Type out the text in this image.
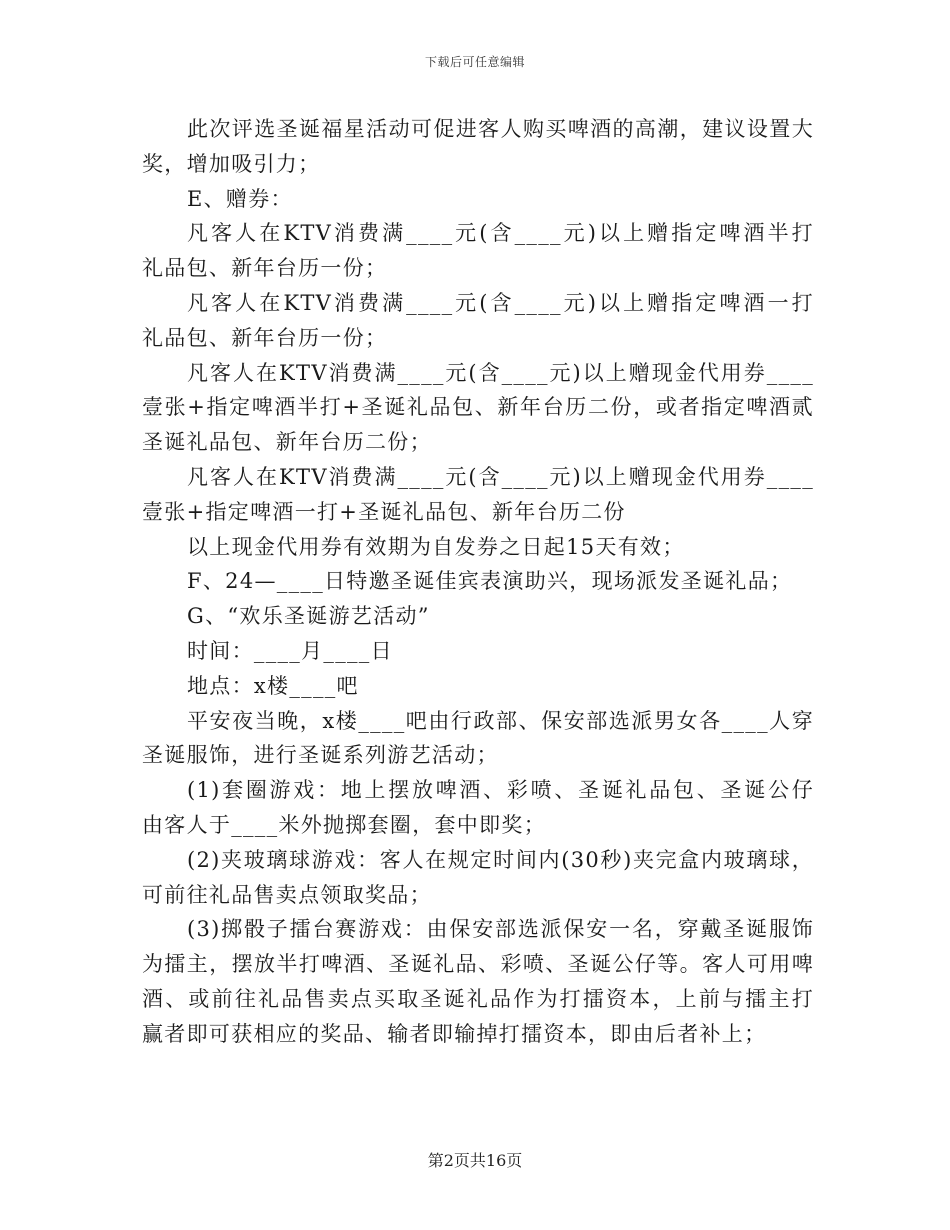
下载后可任意编辑
此次评选圣诞福星活动可促进客人购买啤酒的高潮，建议设置大
奖，增加吸引力；
E、赠券：
凡客人在KTV消费满____元(含____元)以上赠指定啤酒半打
礼品包、新年台历一份；
凡客人在KTV消费满____元(含____元)以上赠指定啤酒一打
礼品包、新年台历一份；
凡客人在KTV消费满____元(含____元)以上赠现金代用券____
壹张+指定啤酒半打+圣诞礼品包、新年台历二份，或者指定啤酒贰
圣诞礼品包、新年台历二份；
凡客人在KTV消费满____元(含____元)以上赠现金代用券____
壹张+指定啤酒一打+圣诞礼品包、新年台历二份
以上现金代用券有效期为自发券之日起15天有效；
F、24—____日特邀圣诞佳宾表演助兴，现场派发圣诞礼品；
G、“欢乐圣诞游艺活动”
时间：____月____日
地点：x楼____吧
平安夜当晚，x楼____吧由行政部、保安部选派男女各____人穿
圣诞服饰，进行圣诞系列游艺活动；
(1)套圈游戏：地上摆放啤酒、彩喷、圣诞礼品包、圣诞公仔
由客人于____米外抛掷套圈，套中即奖；
(2)夹玻璃球游戏：客人在规定时间内(30秒)夹完盒内玻璃球，
可前往礼品售卖点领取奖品；
(3)掷骰子擂台赛游戏：由保安部选派保安一名，穿戴圣诞服饰
为擂主，摆放半打啤酒、圣诞礼品、彩喷、圣诞公仔等。客人可用啤
酒、或前往礼品售卖点买取圣诞礼品作为打擂资本，上前与擂主打
赢者即可获相应的奖品、输者即输掉打擂资本，即由后者补上；
第2页共16页
